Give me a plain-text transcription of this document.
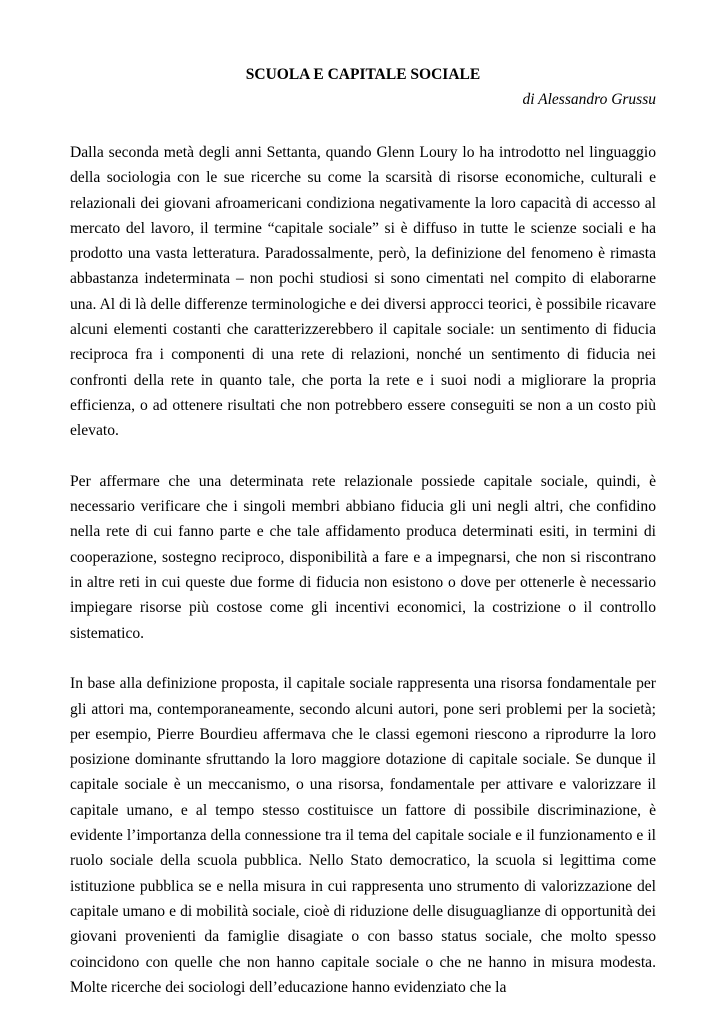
SCUOLA E CAPITALE SOCIALE

di Alessandro Grussu

Dalla seconda metà degli anni Settanta, quando Glenn Loury lo ha introdotto nel linguaggio della sociologia con le sue ricerche su come la scarsità di risorse economiche, culturali e relazionali dei giovani afroamericani condiziona negativamente la loro capacità di accesso al mercato del lavoro, il termine “capitale sociale” si è diffuso in tutte le scienze sociali e ha prodotto una vasta letteratura. Paradossalmente, però, la definizione del fenomeno è rimasta abbastanza indeterminata – non pochi studiosi si sono cimentati nel compito di elaborarne una. Al di là delle differenze terminologiche e dei diversi approcci teorici, è possibile ricavare alcuni elementi costanti che caratterizzerebbero il capitale sociale: un sentimento di fiducia reciproca fra i componenti di una rete di relazioni, nonché un sentimento di fiducia nei confronti della rete in quanto tale, che porta la rete e i suoi nodi a migliorare la propria efficienza, o ad ottenere risultati che non potrebbero essere conseguiti se non a un costo più elevato.

Per affermare che una determinata rete relazionale possiede capitale sociale, quindi, è necessario verificare che i singoli membri abbiano fiducia gli uni negli altri, che confidino nella rete di cui fanno parte e che tale affidamento produca determinati esiti, in termini di cooperazione, sostegno reciproco, disponibilità a fare e a impegnarsi, che non si riscontrano in altre reti in cui queste due forme di fiducia non esistono o dove per ottenerle è necessario impiegare risorse più costose come gli incentivi economici, la costrizione o il controllo sistematico.

In base alla definizione proposta, il capitale sociale rappresenta una risorsa fondamentale per gli attori ma, contemporaneamente, secondo alcuni autori, pone seri problemi per la società; per esempio, Pierre Bourdieu affermava che le classi egemoni riescono a riprodurre la loro posizione dominante sfruttando la loro maggiore dotazione di capitale sociale. Se dunque il capitale sociale è un meccanismo, o una risorsa, fondamentale per attivare e valorizzare il capitale umano, e al tempo stesso costituisce un fattore di possibile discriminazione, è evidente l’importanza della connessione tra il tema del capitale sociale e il funzionamento e il ruolo sociale della scuola pubblica. Nello Stato democratico, la scuola si legittima come istituzione pubblica se e nella misura in cui rappresenta uno strumento di valorizzazione del capitale umano e di mobilità sociale, cioè di riduzione delle disuguaglianze di opportunità dei giovani provenienti da famiglie disagiate o con basso status sociale, che molto spesso coincidono con quelle che non hanno capitale sociale o che ne hanno in misura modesta. Molte ricerche dei sociologi dell’educazione hanno evidenziato che la
